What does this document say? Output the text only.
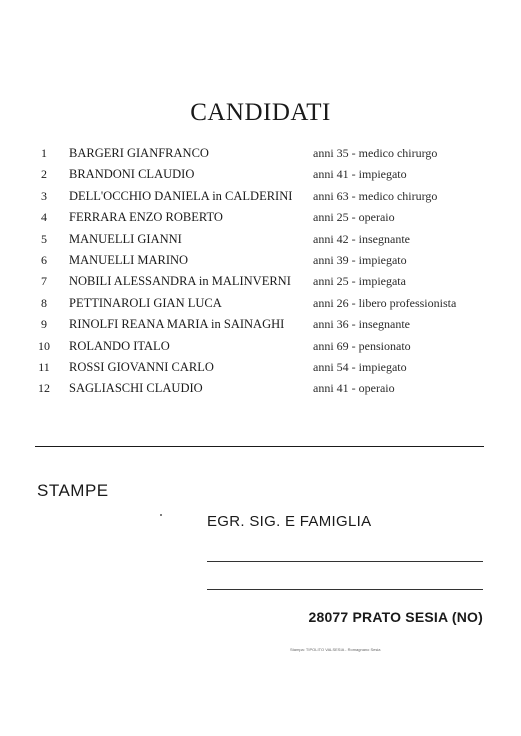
CANDIDATI
1	BARGERI GIANFRANCO	anni 35 - medico chirurgo
2	BRANDONI CLAUDIO	anni 41 - impiegato
3	DELL'OCCHIO DANIELA in CALDERINI anni 63 - medico chirurgo
4	FERRARA ENZO ROBERTO	anni 25 - operaio
5	MANUELLI GIANNI	anni 42 - insegnante
6	MANUELLI MARINO	anni 39 - impiegato
7	NOBILI ALESSANDRA in MALINVERNI anni 25 - impiegata
8	PETTINAROLI GIAN LUCA	anni 26 - libero professionista
9	RINOLFI REANA MARIA in SAINAGHI anni 36 - insegnante
10 ROLANDO ITALO	anni 69 - pensionato
11 ROSSI GIOVANNI CARLO	anni 54 - impiegato
12 SAGLIASCHI CLAUDIO	anni 41 - operaio
STAMPE
EGR. SIG. E FAMIGLIA
28077 PRATO SESIA (NO)
Stampa: TIPOLITO VALSESIA - Romagnano Sesia
